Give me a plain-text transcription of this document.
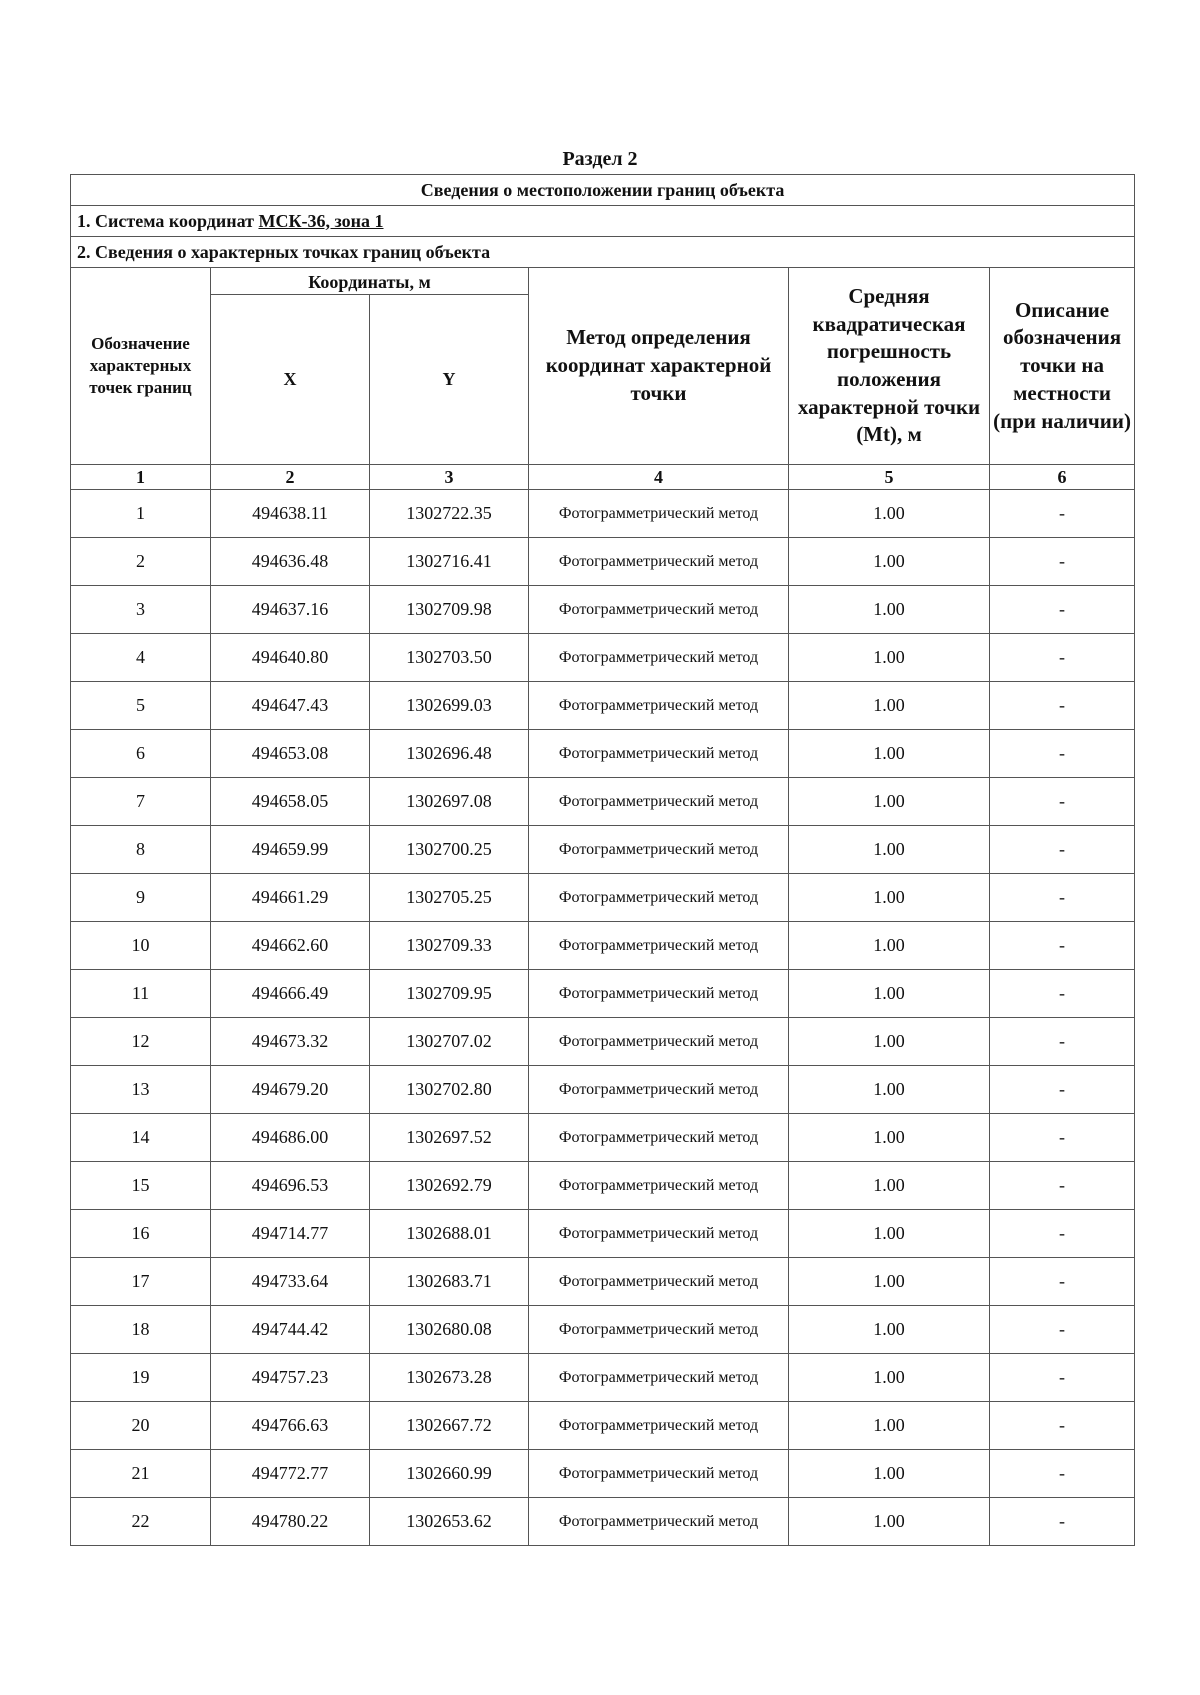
Раздел 2
Сведения о местоположении границ объекта					
1. Система координат МСК-36, зона 1					
2. Сведения о характерных точках границ объекта					
Обозначение характерных точек границ	Координаты, м		Метод определения координат характерной точки	Средняя квадратическая погрешность положения характерной точки (Mt), м	Описание обозначения точки на местности (при наличии)
	X	Y			
1	2	3	4	5	6
1	494638.11	1302722.35	Фотограмметрический метод	1.00	-
2	494636.48	1302716.41	Фотограмметрический метод	1.00	-
3	494637.16	1302709.98	Фотограмметрический метод	1.00	-
4	494640.80	1302703.50	Фотограмметрический метод	1.00	-
5	494647.43	1302699.03	Фотограмметрический метод	1.00	-
6	494653.08	1302696.48	Фотограмметрический метод	1.00	-
7	494658.05	1302697.08	Фотограмметрический метод	1.00	-
8	494659.99	1302700.25	Фотограмметрический метод	1.00	-
9	494661.29	1302705.25	Фотограмметрический метод	1.00	-
10	494662.60	1302709.33	Фотограмметрический метод	1.00	-
11	494666.49	1302709.95	Фотограмметрический метод	1.00	-
12	494673.32	1302707.02	Фотограмметрический метод	1.00	-
13	494679.20	1302702.80	Фотограмметрический метод	1.00	-
14	494686.00	1302697.52	Фотограмметрический метод	1.00	-
15	494696.53	1302692.79	Фотограмметрический метод	1.00	-
16	494714.77	1302688.01	Фотограмметрический метод	1.00	-
17	494733.64	1302683.71	Фотограмметрический метод	1.00	-
18	494744.42	1302680.08	Фотограмметрический метод	1.00	-
19	494757.23	1302673.28	Фотограмметрический метод	1.00	-
20	494766.63	1302667.72	Фотограмметрический метод	1.00	-
21	494772.77	1302660.99	Фотограмметрический метод	1.00	-
22	494780.22	1302653.62	Фотограмметрический метод	1.00	-
